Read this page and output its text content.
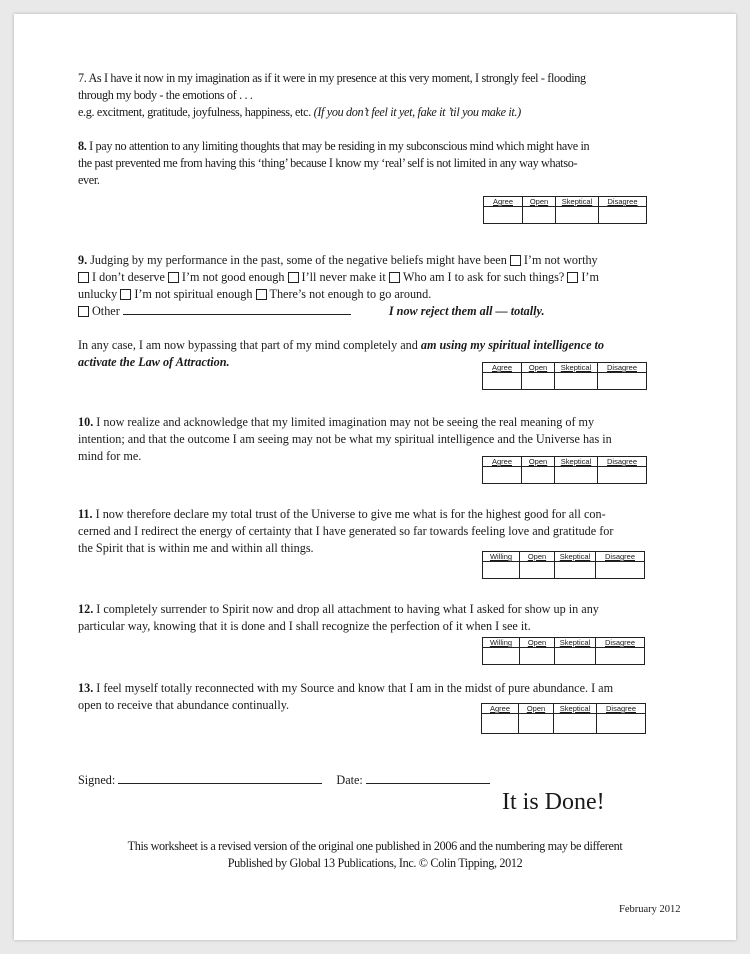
7. As I have it now in my imagination as if it were in my presence at this very moment, I strongly feel - flooding
through my body - the emotions of . . .
e.g. excitment, gratitude, joyfulness, happiness, etc. (If you don’t feel it yet, fake it ’til you make it.)
8. I pay no attention to any limiting thoughts that may be residing in my subconscious mind which might have in
the past prevented me from having this ‘thing’ because I know my ‘real’ self is not limited in any way whatso-
ever.
Agree	Open	Skeptical	Disagree

9. Judging by my performance in the past, some of the negative beliefs might have been I’m not worthy
I don’t deserve I’m not good enough I’ll never make it Who am I to ask for such things? I’m
unlucky I’m not spiritual enough There’s not enough to go around.
Other	I now reject them all — totally.
In any case, I am now bypassing that part of my mind completely and am using my spiritual intelligence to
activate the Law of Attraction.	Agree	Open	Skeptical	Disagree

10. I now realize and acknowledge that my limited imagination may not be seeing the real meaning of my
intention; and that the outcome I am seeing may not be what my spiritual intelligence and the Universe has in
mind for me.	Agree	Open	Skeptical	Disagree

11. I now therefore declare my total trust of the Universe to give me what is for the highest good for all con-
cerned and I redirect the energy of certainty that I have generated so far towards feeling love and gratitude for
the Spirit that is within me and within all things.
Willing	Open	Skeptical	Disagree

12. I completely surrender to Spirit now and drop all attachment to having what I asked for show up in any
particular way, knowing that it is done and I shall recognize the perfection of it when I see it.
Willing	Open	Skeptical	Disagree

13. I feel myself totally reconnected with my Source and know that I am in the midst of pure abundance. I am
open to receive that abundance continually.	Agree	Open	Skeptical	Disagree

Signed:	Date:
It is Done!
This worksheet is a revised version of the original one published in 2006 and the numbering may be different
Published by Global 13 Publications, Inc. © Colin Tipping, 2012
February 2012
